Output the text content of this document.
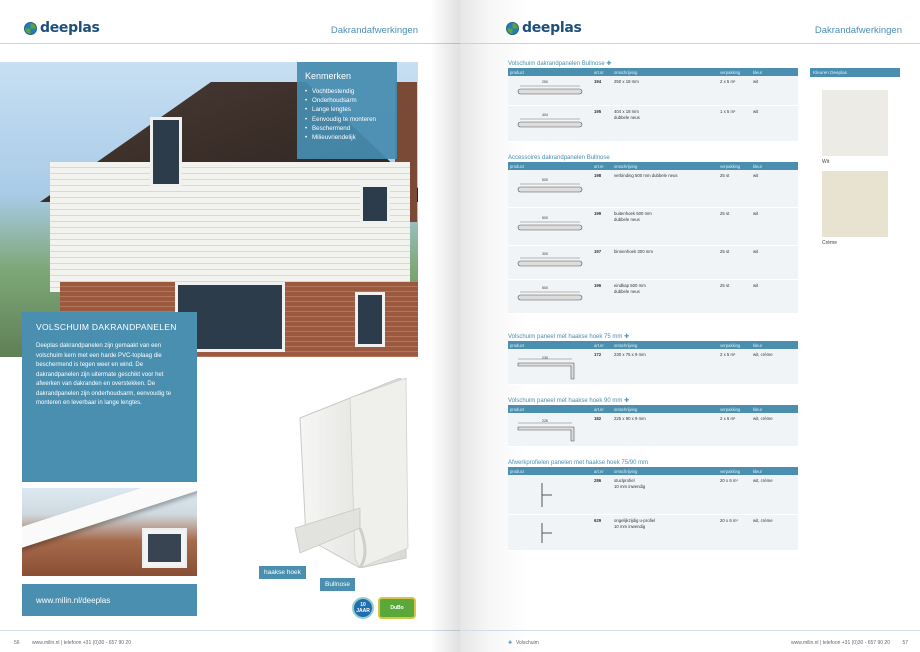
deeplas	Dakrandafwerkingen
Kenmerken
• Vochtbestendig
• Onderhoudsarm
• Lange lengtes
• Eenvoudig te monteren
• Beschermend
• Milieuvriendelijk
VOLSCHUIM DAKRANDPANELEN

Deeplas dakrandpanelen zijn gemaakt van een volschuim kern met een harde PVC-toplaag die beschermend is tegen weer en wind. De dakrandpanelen zijn uitermate geschikt voor het afwerken van dakranden en overstekken. De dakrandpanelen zijn onderhoudsarm, eenvoudig te monteren en leverbaar in lange lengtes.

www.milin.nl/deeplas
haakse hoek
Bullnose
10 JAAR	DuBo
56 www.milin.nl | telefoon +31 (0)30 - 657 90 20
deeplas	Dakrandafwerkingen
✚ Volschuim	www.milin.nl | telefoon +31 (0)30 - 657 90 20 57
Volschuim dakrandpanelen Bullnose ✚
product	art.nr omschrijving	verpakking	kleur
250	194	250 x 18 mm	2 x 5 m¹	wit
404
195	404 x 18 mm	1 x 5 m¹	wit
dubbele neus
Accessoires dakrandpanelen Bullnose
product	art.nr omschrijving	verpakking	kleur
500
198	verbinding 500 mm dubbele neus	25 st	wit
500
199	buitenhoek 500 mm	25 st	wit
dubbele neus
300	197	binnenhoek 300 mm	25 st	wit
500	196	eindkap 500 mm	25 st	wit
dubbele neus
Volschuim paneel met haakse hoek 75 mm ✚
product	art.nr omschrijving	verpakking	kleur
230
172	230 x 75 x 9 mm	2 x 5 m¹	wit, crème
Volschuim paneel met haakse hoek 90 mm ✚
product	art.nr omschrijving	verpakking	kleur
225	182	225 x 90 x 9 mm	2 x 6 m¹	wit, crème
Afwerkprofielen panelen met haakse hoek 75/90 mm
product	art.nr omschrijving	verpakking	kleur
286	stuclprofiel	20 x 6 m¹	wit, crème
10 mm inwendig
629	ongelijkzijdig u-profiel	20 x 6 m¹	wit, crème
10 mm inwendig
Kleuren Deeplas
Wit
Crème
